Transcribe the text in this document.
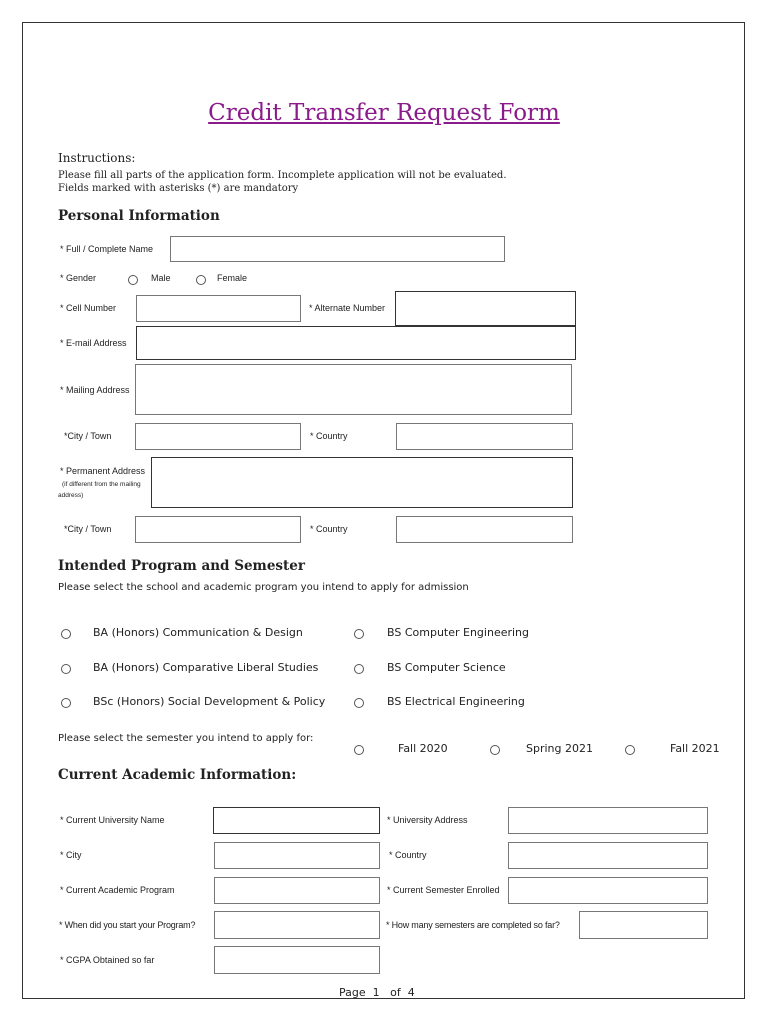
Credit Transfer Request Form
Instructions:
Please fill all parts of the application form. Incomplete application will not be evaluated.
Fields marked with asterisks (*) are mandatory
Personal Information
* Full / Complete Name
* Gender	Male	Female
* Cell Number	* Alternate Number
* E-mail Address
* Mailing Address
*City / Town	* Country
* Permanent Address
(if different from the mailing
address)
*City / Town	* Country
Intended Program and Semester
Please select the school and academic program you intend to apply for admission
BA (Honors) Communication & Design
BA (Honors) Comparative Liberal Studies
BSc (Honors) Social Development & Policy
BS Computer Engineering
BS Computer Science
BS Electrical Engineering
Please select the semester you intend to apply for:
Fall 2020	Spring 2021	Fall 2021
Current Academic Information:
* Current University Name	* University Address
* City	* Country
* Current Academic Program	* Current Semester Enrolled
* When did you start your Program?	* How many semesters are completed so far?
* CGPA Obtained so far
Page  1   of  4
